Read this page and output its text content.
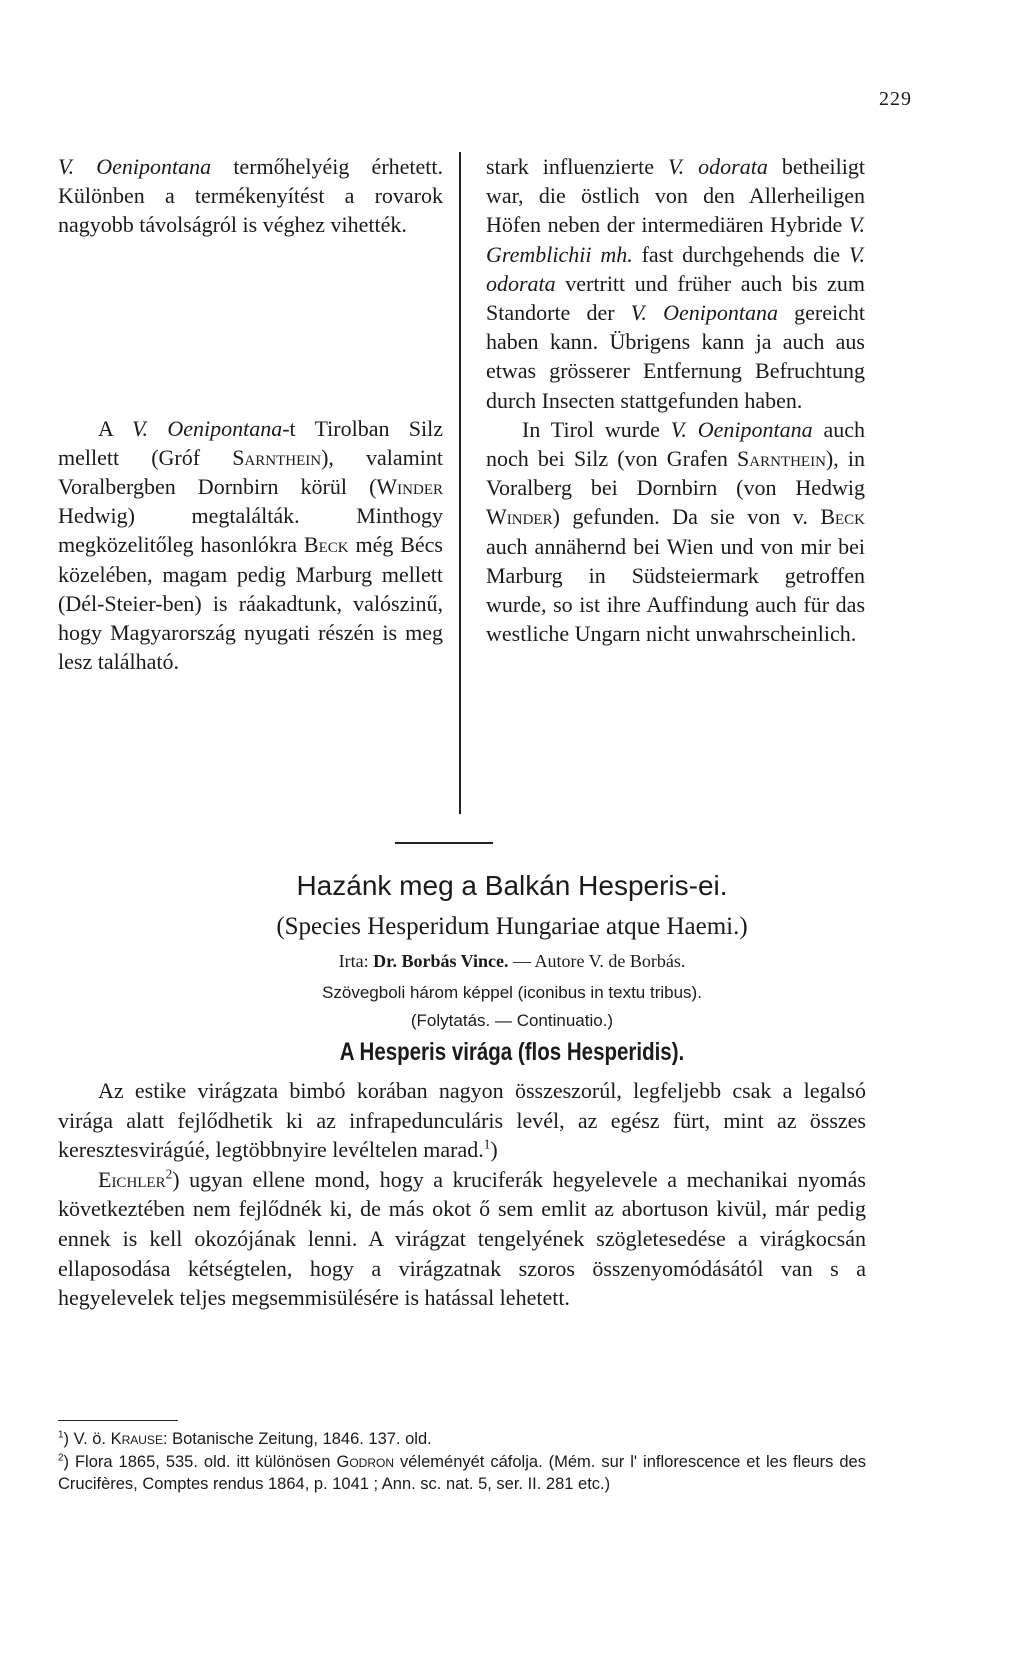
229

V. Oenipontana termőhelyéig érhetett. Különben a termékenyítést a rovarok nagyobb távolságról is véghez vihették.

A V. Oenipontana-t Tirolban Silz mellett (Gróf Sarnthein), valamint Voralbergben Dornbirn körül (Winder Hedwig) megtalálták. Minthogy megközelitőleg hasonlókra Beck még Bécs közelében, magam pedig Marburg mellett (Dél-Steier-ben) is ráakadtunk, valószinű, hogy Magyarország nyugati részén is meg lesz található.

stark influenzierte V. odorata betheiligt war, die östlich von den Allerheiligen Höfen neben der intermediären Hybride V. Gremblichii mh. fast durchgehends die V. odorata vertritt und früher auch bis zum Standorte der V. Oenipontana gereicht haben kann. Übrigens kann ja auch aus etwas grösserer Entfernung Befruchtung durch Insecten stattgefunden haben.

In Tirol wurde V. Oenipontana auch noch bei Silz (von Grafen Sarnthein), in Voralberg bei Dornbirn (von Hedwig Winder) gefunden. Da sie von v. Beck auch annähernd bei Wien und von mir bei Marburg in Südsteiermark getroffen wurde, so ist ihre Auffindung auch für das westliche Ungarn nicht unwahrscheinlich.

Hazánk meg a Balkán Hesperis-ei.
(Species Hesperidum Hungariae atque Haemi.)
Irta: Dr. Borbás Vince. — Autore V. de Borbás.
Szövegboli három képpel (iconibus in textu tribus).
(Folytatás. — Continuatio.)
A Hesperis virága (flos Hesperidis).

Az estike virágzata bimbó korában nagyon összeszorúl, legfeljebb csak a legalsó virága alatt fejlődhetik ki az infrapedunculáris levél, az egész fürt, mint az összes keresztesvirágúé, legtöbbnyire levéltelen marad.$^1$)

Eichler$^2$) ugyan ellene mond, hogy a kruciferák hegyelevele a mechanikai nyomás következtében nem fejlődnék ki, de más okot ő sem emlit az abortuson kivül, már pedig ennek is kell okozójának lenni. A virágzat tengelyének szögletesedése a virágkocsán ellaposodása kétségtelen, hogy a virágzatnak szoros összenyomódásától van s a hegyelevelek teljes megsemmisülésére is hatással lehetett.

$^1$) V. ö. Krause: Botanische Zeitung, 1846. 137. old.

$^2$) Flora 1865, 535. old. itt különösen Godron véleményét cáfolja. (Mém. sur l' inflorescence et les fleurs des Crucifères, Comptes rendus 1864, p. 1041 ; Ann. sc. nat. 5, ser. II. 281 etc.)
